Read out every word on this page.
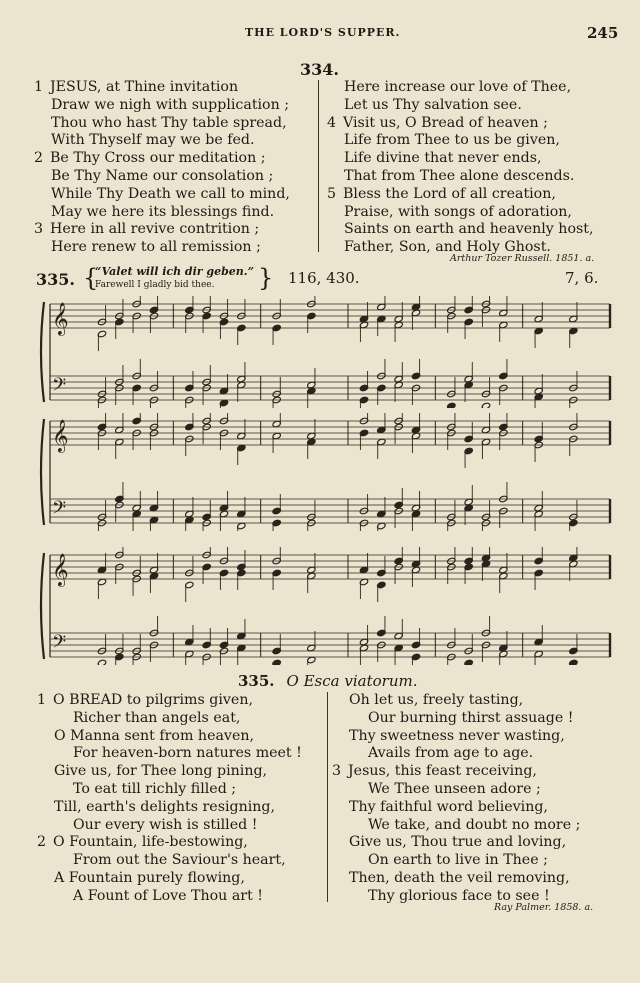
THE LORD'S SUPPER.	245
334.
1 JESUS, at Thine invitation
Draw we nigh with supplication ;
Thou who hast Thy table spread,
With Thyself may we be fed.
2 Be Thy Cross our meditation ;
Be Thy Name our consolation ;
While Thy Death we call to mind,
May we here its blessings find.
3 Here in all revive contrition ;
Here renew to all remission ;
Here increase our love of Thee,
Let us Thy salvation see.
4 Visit us, O Bread of heaven ;
Life from Thee to us be given,
Life divine that never ends,
That from Thee alone descends.
5 Bless the Lord of all creation,
Praise, with songs of adoration,
Saints on earth and heavenly host,
Father, Son, and Holy Ghost.
Arthur Tozer Russell. 1851. a.
335. {
“Valet will ich dir geben.”
Farewell I gladly bid thee. } 116, 430.	7, 6.
𝄞
𝄢
𝄞
𝄢
𝄞
𝄢
335. O Esca viatorum.
1 O BREAD to pilgrims given,
Richer than angels eat,
O Manna sent from heaven,
For heaven-born natures meet !
Give us, for Thee long pining,
To eat till richly filled ;
Till, earth's delights resigning,
Our every wish is stilled !
2 O Fountain, life-bestowing,
From out the Saviour's heart,
A Fountain purely flowing,
A Fount of Love Thou art !
Oh let us, freely tasting,
Our burning thirst assuage !
Thy sweetness never wasting,
Avails from age to age.
3 Jesus, this feast receiving,
We Thee unseen adore ;
Thy faithful word believing,
We take, and doubt no more ;
Give us, Thou true and loving,
On earth to live in Thee ;
Then, death the veil removing,
Thy glorious face to see !
Ray Palmer. 1858. a.
